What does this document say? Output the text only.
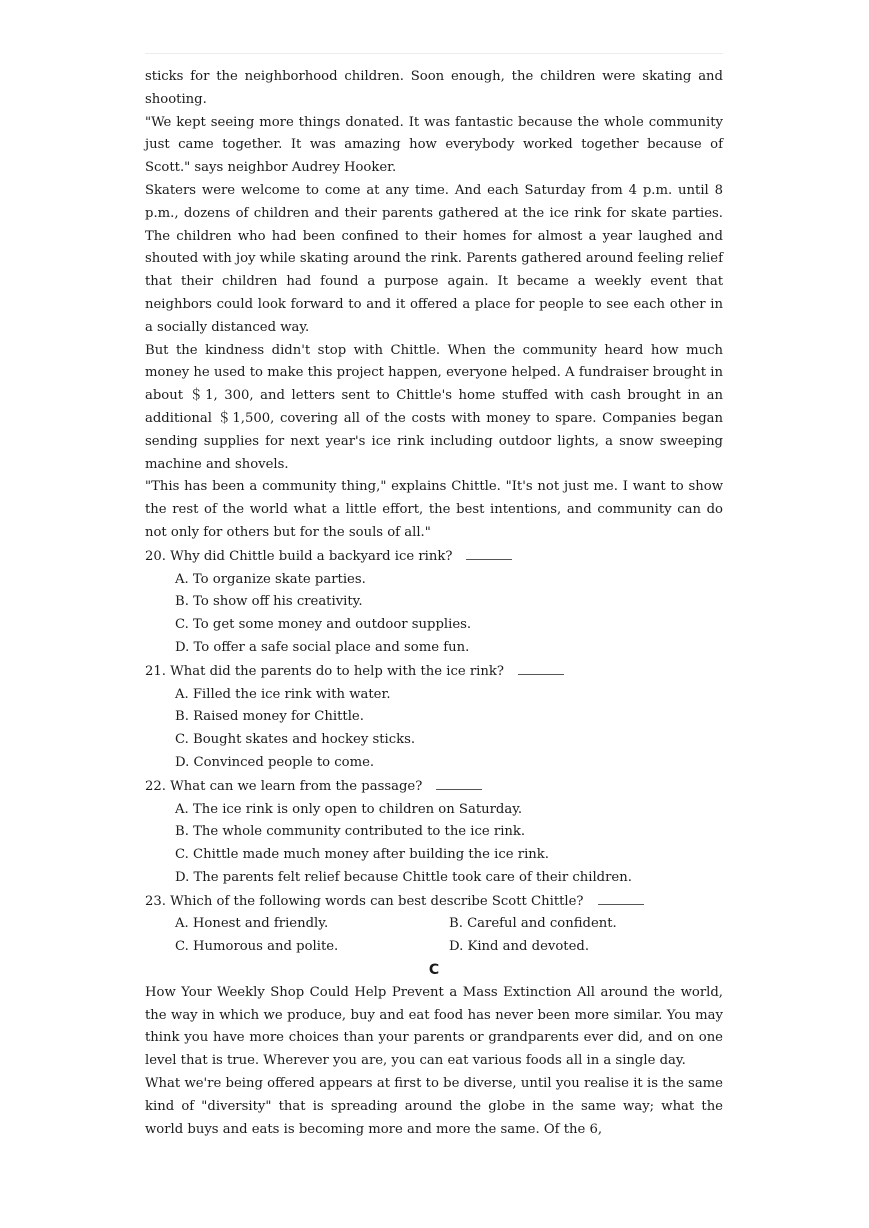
sticks for the neighborhood children. Soon enough, the children were skating and shooting.

"We kept seeing more things donated. It was fantastic because the whole community just came together. It was amazing how everybody worked together because of Scott." says neighbor Audrey Hooker.

Skaters were welcome to come at any time. And each Saturday from 4 p.m. until 8 p.m., dozens of children and their parents gathered at the ice rink for skate parties. The children who had been confined to their homes for almost a year laughed and shouted with joy while skating around the rink. Parents gathered around feeling relief that their children had found a purpose again. It became a weekly event that neighbors could look forward to and it offered a place for people to see each other in a socially distanced way.

But the kindness didn't stop with Chittle. When the community heard how much money he used to make this project happen, everyone helped. A fundraiser brought in about ＄1, 300, and letters sent to Chittle's home stuffed with cash brought in an additional ＄1,500, covering all of the costs with money to spare. Companies began sending supplies for next year's ice rink including outdoor lights, a snow sweeping machine and shovels.

"This has been a community thing," explains Chittle. "It's not just me. I want to show the rest of the world what a little effort, the best intentions, and community can do not only for others but for the souls of all."

20. Why did Chittle build a backyard ice rink?

A. To organize skate parties.

B. To show off his creativity.

C. To get some money and outdoor supplies.

D. To offer a safe social place and some fun.

21. What did the parents do to help with the ice rink?

A. Filled the ice rink with water.

B. Raised money for Chittle.

C. Bought skates and hockey sticks.

D. Convinced people to come.

22. What can we learn from the passage?

A. The ice rink is only open to children on Saturday.

B. The whole community contributed to the ice rink.

C. Chittle made much money after building the ice rink.

D. The parents felt relief because Chittle took care of their children.

23. Which of the following words can best describe Scott Chittle?

A. Honest and friendly.	B. Careful and confident.
C. Humorous and polite.	D. Kind and devoted.

C

How Your Weekly Shop Could Help Prevent a Mass Extinction All around the world, the way in which we produce, buy and eat food has never been more similar. You may think you have more choices than your parents or grandparents ever did, and on one level that is true. Wherever you are, you can eat various foods all in a single day.

What we're being offered appears at first to be diverse, until you realise it is the same kind of "diversity" that is spreading around the globe in the same way; what the world buys and eats is becoming more and more the same. Of the 6,
